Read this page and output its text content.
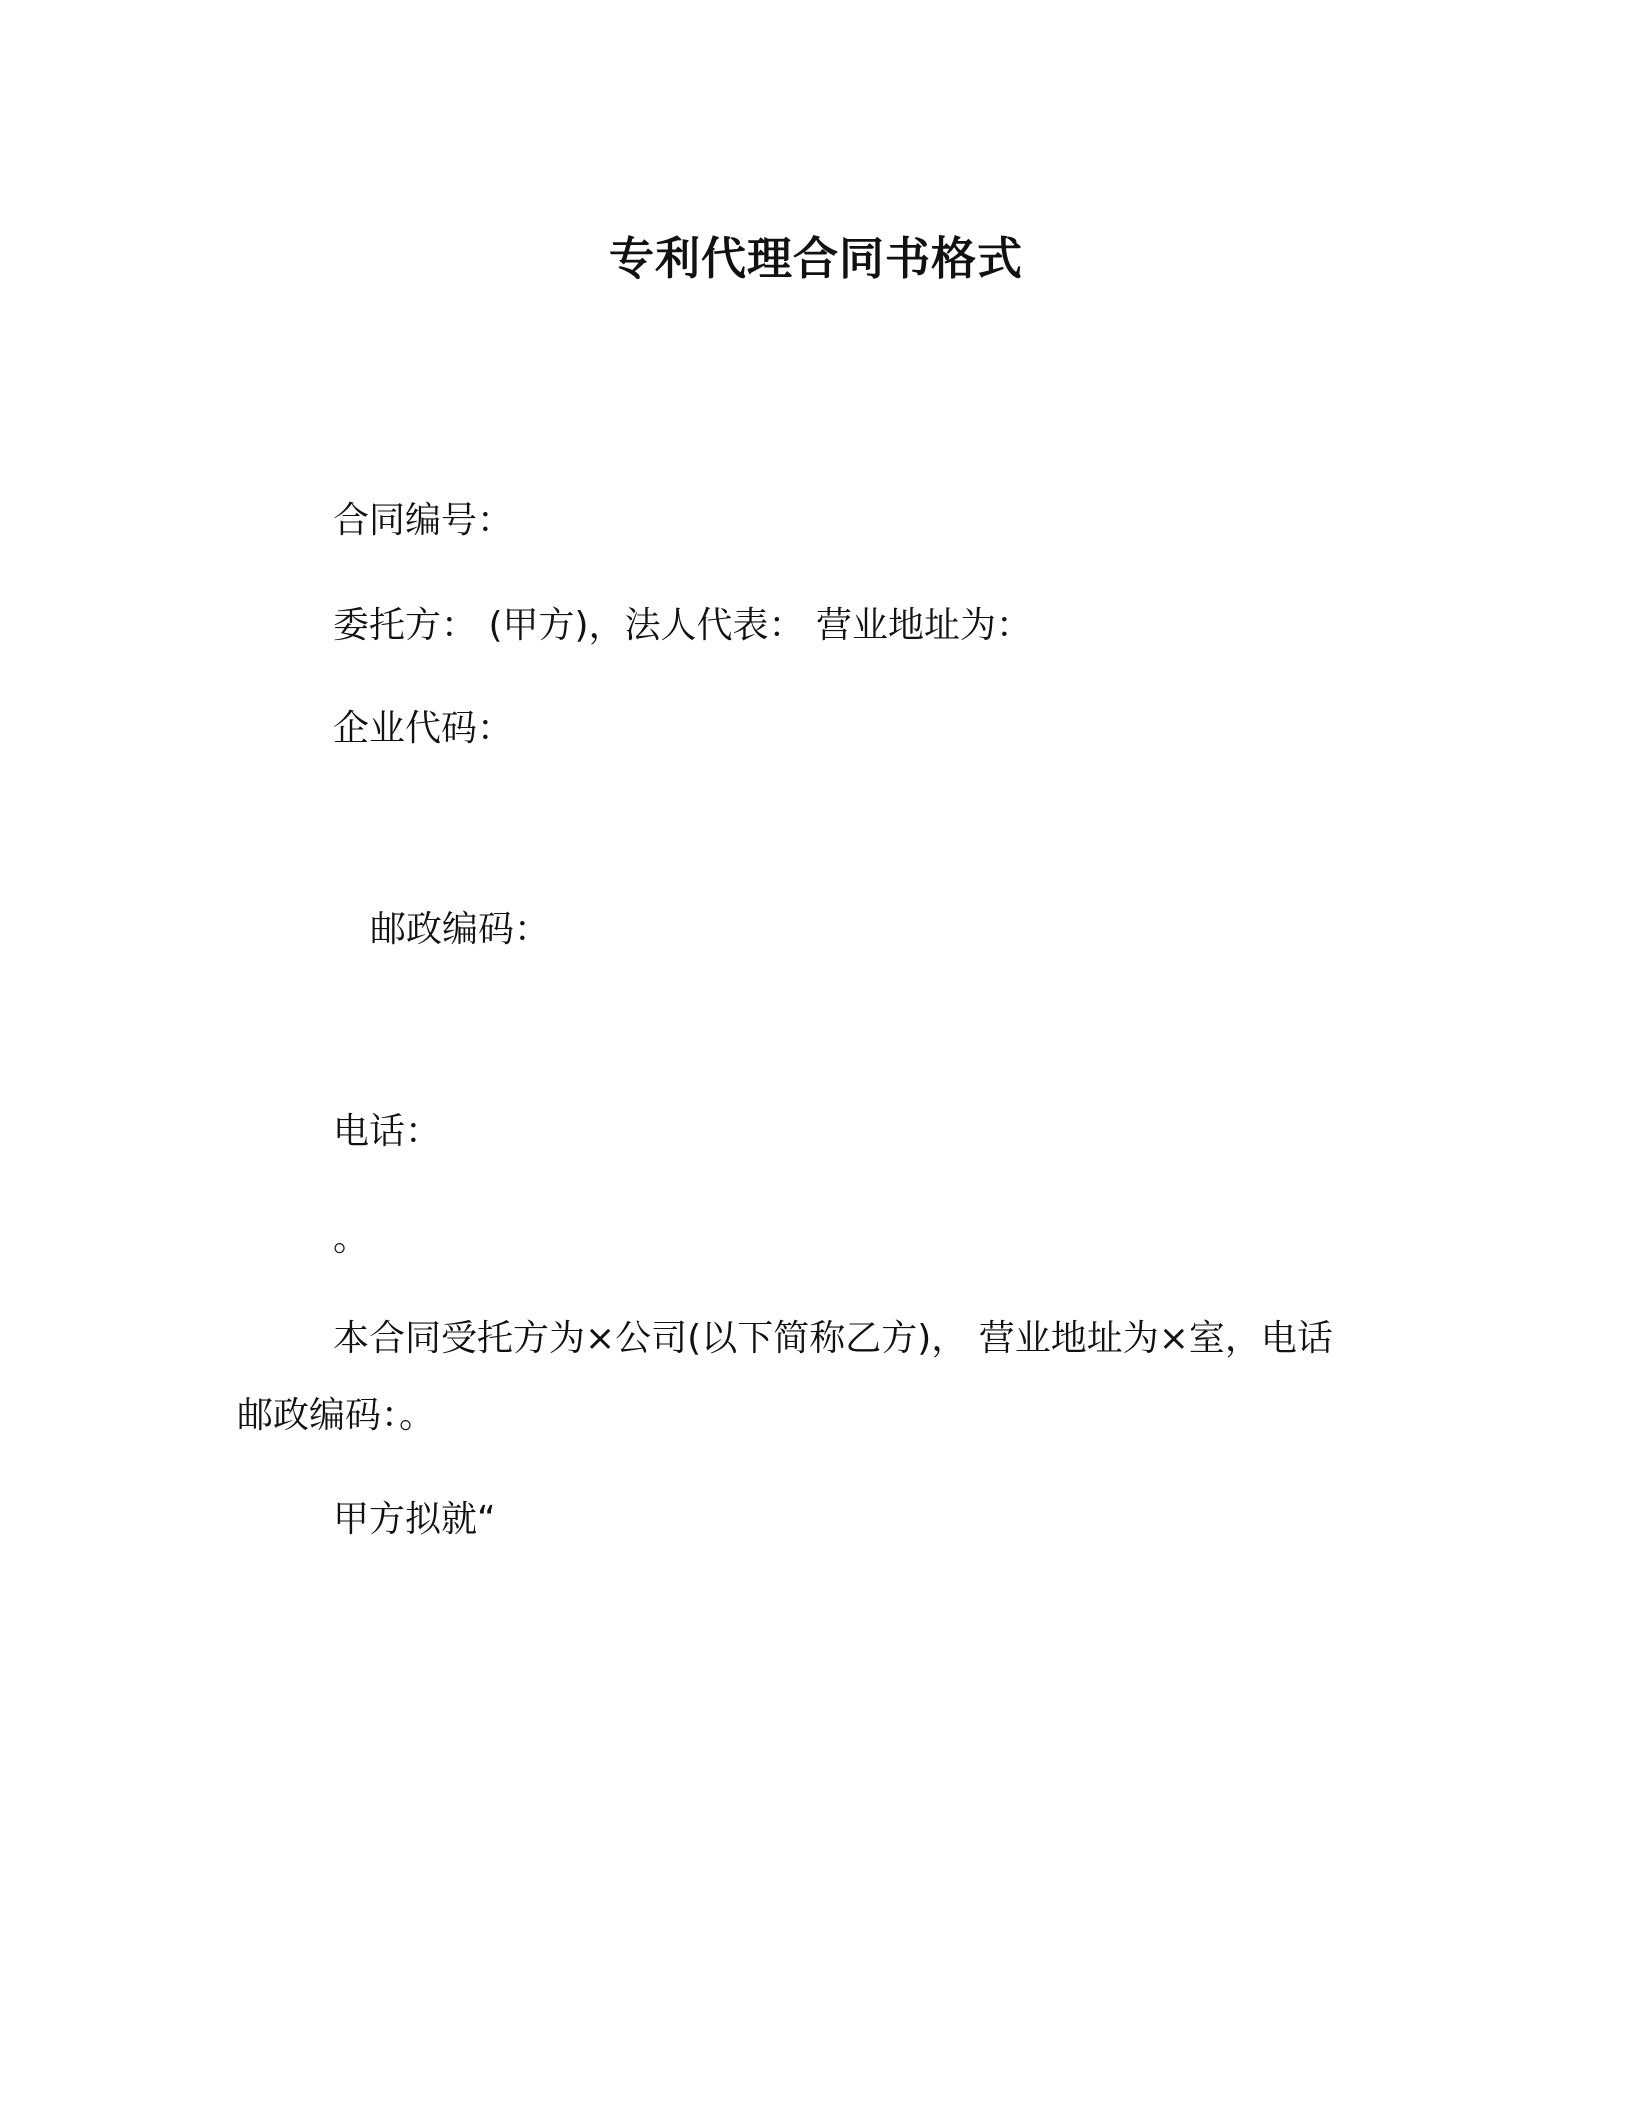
专利代理合同书格式
合同编号：
委托方： (甲方)，法人代表： 营业地址为：
企业代码：
邮政编码：
电话：
。
本合同受托方为×公司(以下简称乙方)， 营业地址为×室，电话
邮政编码：。
甲方拟就“
